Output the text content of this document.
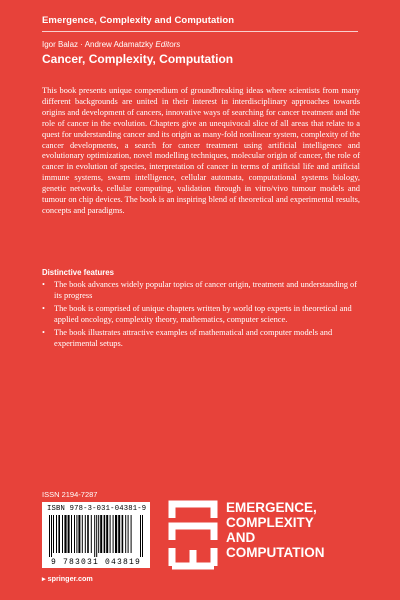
Emergence, Complexity and Computation
Igor Balaz · Andrew Adamatzky Editors
Cancer, Complexity, Computation

This book presents unique compendium of groundbreaking ideas where scientists from many different backgrounds are united in their interest in interdisciplinary approaches towards origins and development of cancers, innovative ways of searching for cancer treatment and the role of cancer in the evolution. Chapters give an unequivocal slice of all areas that relate to a quest for understanding cancer and its origin as many-fold nonlinear system, complexity of the cancer developments, a search for cancer treatment using artificial intelligence and evolutionary optimization, novel modelling techniques, molecular origin of cancer, the role of cancer in evolution of species, interpretation of cancer in terms of artificial life and artificial immune systems, swarm intelligence, cellular automata, computational systems biology, genetic networks, cellular computing, validation through in vitro/vivo tumour models and tumour on chip devices. The book is an inspiring blend of theoretical and experimental results, concepts and paradigms.

Distinctive features
• The book advances widely popular topics of cancer origin, treatment and understanding of its progress
• The book is comprised of unique chapters written by world top experts in theoretical and applied oncology, complexity theory, mathematics, computer science.
• The book illustrates attractive examples of mathematical and computer models and experimental setups.
ISSN 2194-7287
ISBN 978-3-031-04381-9
9 783031 043819
▸ springer.com
EMERGENCE,
COMPLEXITY
AND
COMPUTATION
